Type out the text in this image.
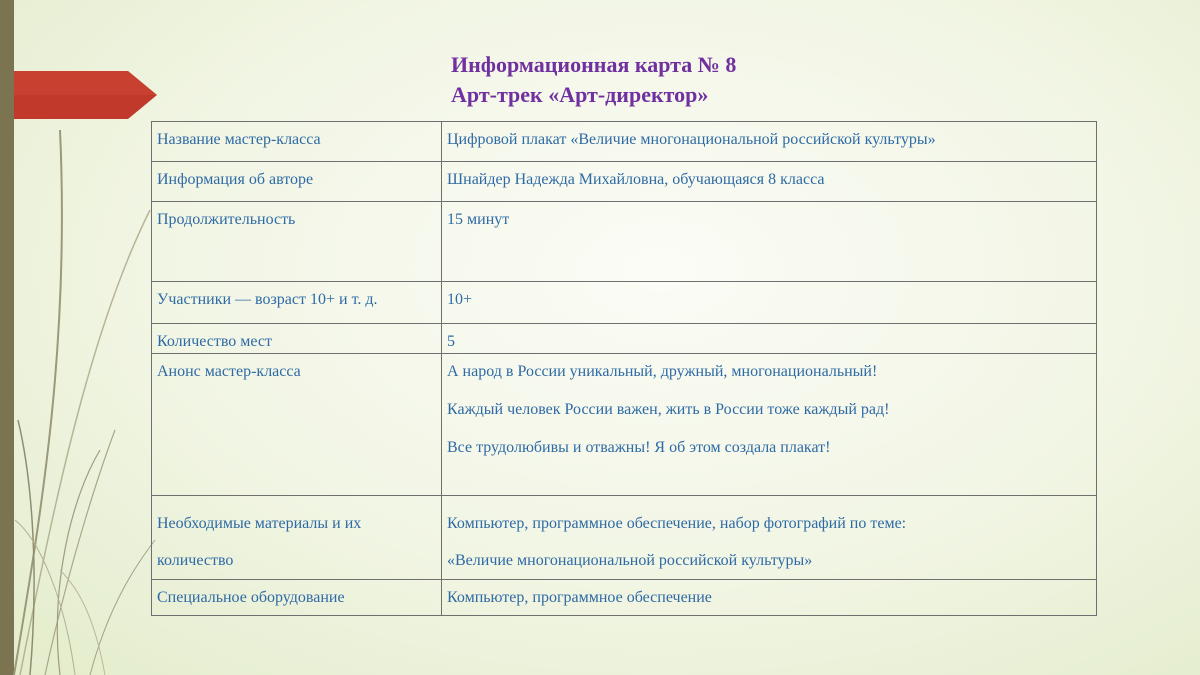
Информационная карта № 8
Арт-трек «Арт-директор»
Название мастер-класса	Цифровой плакат «Величие многонациональной российской культуры»
Информация об авторе	Шнайдер Надежда Михайловна, обучающаяся 8 класса
Продолжительность	15 минут
Участники — возраст 10+ и т. д.	10+
Количество мест	5
Анонс мастер-класса	А народ в России уникальный, дружный, многонациональный!

Каждый человек России важен, жить в России тоже каждый рад!

Все трудолюбивы и отважны! Я об этом создала плакат!

Необходимые материалы и их количество	Компьютер, программное обеспечение, набор фотографий по теме:
«Величие многонациональной российской культуры»

Специальное оборудование	Компьютер, программное обеспечение
